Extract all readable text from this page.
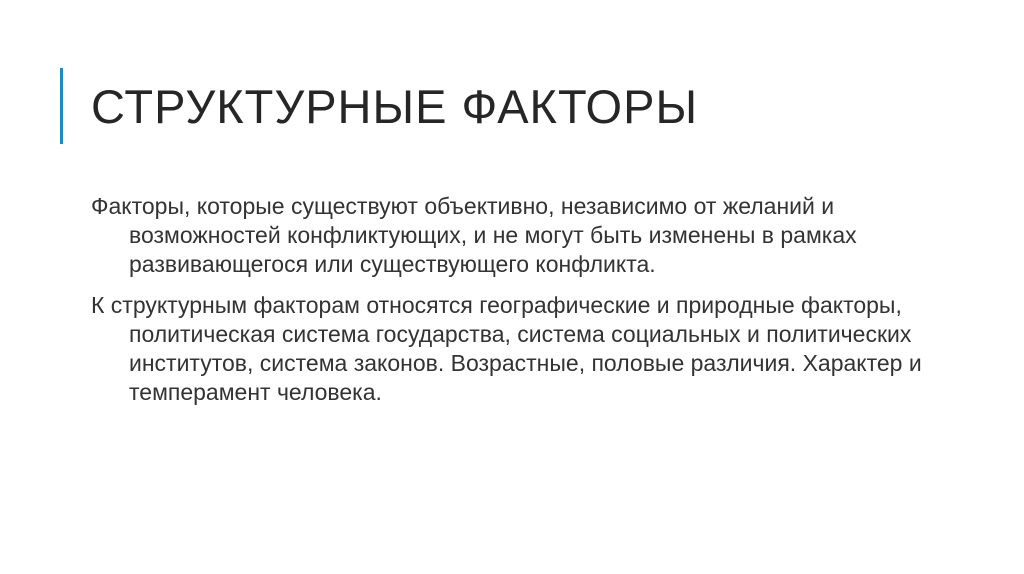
СТРУКТУРНЫЕ ФАКТОРЫ

Факторы, которые существуют объективно, независимо от желаний и возможностей конфликтующих, и не могут быть изменены в рамках развивающегося или существующего конфликта.

К структурным факторам относятся географические и природные факторы, политическая система государства, система социальных и политических институтов, система законов. Возрастные, половые различия. Характер и темперамент человека.
